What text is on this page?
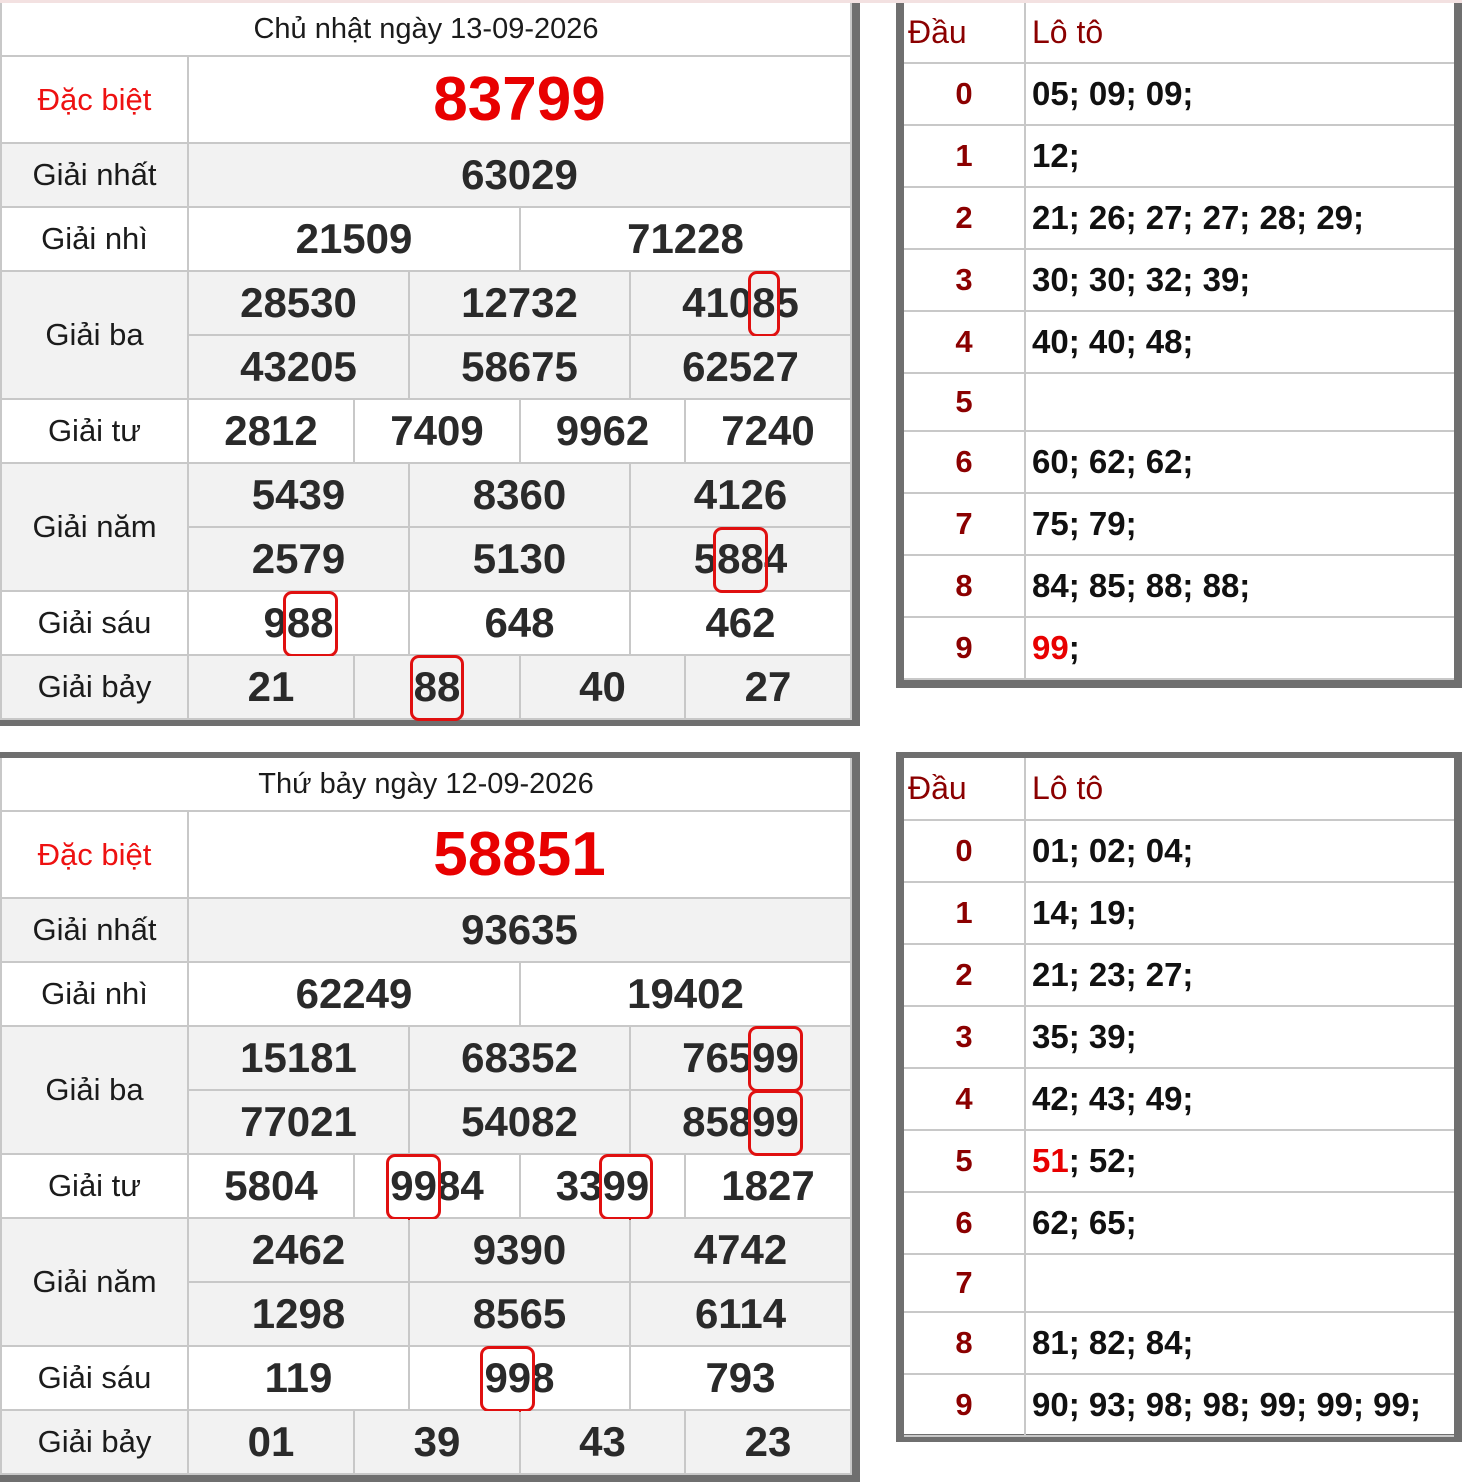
Chủ nhật ngày 13-09-2026						
Đặc biệt	83799					
Giải nhất	63029					
Giải nhì	21509			71228		
Giải ba	28530		12732		41085	
	43205		58675		62527	
Giải tư	2812	7409		9962		7240
Giải năm	5439		8360		4126	
	2579		5130		5884	
Giải sáu	988		648		462	
Giải bảy	21	88		40		27
Đầu	Lô tô
0	05; 09; 09;
1	12;
2	21; 26; 27; 27; 28; 29;
3	30; 30; 32; 39;
4	40; 40; 48;
5	
6	60; 62; 62;
7	75; 79;
8	84; 85; 88; 88;
9	99;
Thứ bảy ngày 12-09-2026						
Đặc biệt	58851					
Giải nhất	93635					
Giải nhì	62249			19402		
Giải ba	15181		68352		76599	
	77021		54082		85899	
Giải tư	5804	9984		3399		1827
Giải năm	2462		9390		4742	
	1298		8565		6114	
Giải sáu	119		998		793	
Giải bảy	01	39		43		23
Đầu	Lô tô
0	01; 02; 04;
1	14; 19;
2	21; 23; 27;
3	35; 39;
4	42; 43; 49;
5	51; 52;
6	62; 65;
7	
8	81; 82; 84;
9	90; 93; 98; 98; 99; 99; 99;
